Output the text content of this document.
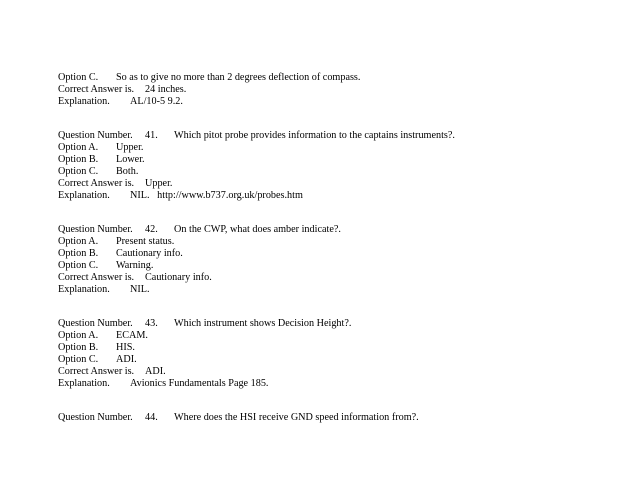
Option C. So as to give no more than 2 degrees deflection of compass.
Correct Answer is. 24 inches.
Explanation. AL/10-5 9.2.
Question Number. 41. Which pitot probe provides information to the captains instruments?.
Option A. Upper.
Option B. Lower.
Option C. Both.
Correct Answer is. Upper.
Explanation. NIL.   http://www.b737.org.uk/probes.htm
Question Number. 42. On the CWP, what does amber indicate?.
Option A. Present status.
Option B. Cautionary info.
Option C. Warning.
Correct Answer is. Cautionary info.
Explanation. NIL.
Question Number. 43. Which instrument shows Decision Height?.
Option A. ECAM.
Option B. HIS.
Option C. ADI.
Correct Answer is. ADI.
Explanation. Avionics Fundamentals Page 185.
Question Number. 44. Where does the HSI receive GND speed information from?.
